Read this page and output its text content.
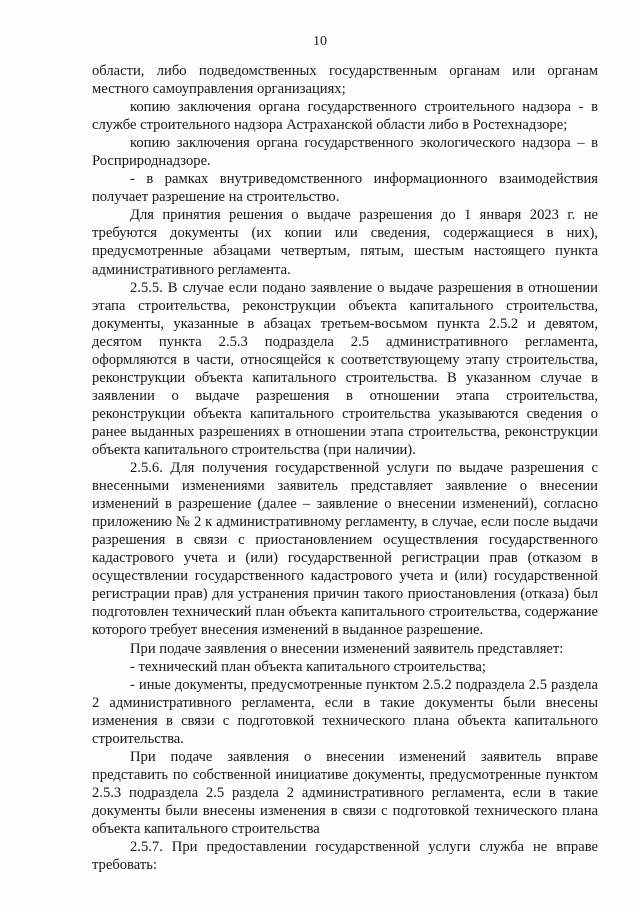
10

области, либо подведомственных государственным органам или органам местного самоуправления организациях;

копию заключения органа государственного строительного надзора - в службе строительного надзора Астраханской области либо в Ростехнадзоре;

копию заключения органа государственного экологического надзора – в Росприроднадзоре.

- в рамках внутриведомственного информационного взаимодействия получает разрешение на строительство.

Для принятия решения о выдаче разрешения до 1 января 2023 г. не требуются документы (их копии или сведения, содержащиеся в них), предусмотренные абзацами четвертым, пятым, шестым настоящего пункта административного регламента.

2.5.5. В случае если подано заявление о выдаче разрешения в отношении этапа строительства, реконструкции объекта капитального строительства, документы, указанные в абзацах третьем-восьмом пункта 2.5.2 и девятом, десятом пункта 2.5.3 подраздела 2.5 административного регламента, оформляются в части, относящейся к соответствующему этапу строительства, реконструкции объекта капитального строительства. В указанном случае в заявлении о выдаче разрешения в отношении этапа строительства, реконструкции объекта капитального строительства указываются сведения о ранее выданных разрешениях в отношении этапа строительства, реконструкции объекта капитального строительства (при наличии).

2.5.6. Для получения государственной услуги по выдаче разрешения с внесенными изменениями заявитель представляет заявление о внесении изменений в разрешение (далее – заявление о внесении изменений), согласно приложению № 2 к административному регламенту, в случае, если после выдачи разрешения в связи с приостановлением осуществления государственного кадастрового учета и (или) государственной регистрации прав (отказом в осуществлении государственного кадастрового учета и (или) государственной регистрации прав) для устранения причин такого приостановления (отказа) был подготовлен технический план объекта капитального строительства, содержание которого требует внесения изменений в выданное разрешение.

При подаче заявления о внесении изменений заявитель представляет:

- технический план объекта капитального строительства;

- иные документы, предусмотренные пунктом 2.5.2 подраздела 2.5 раздела 2 административного регламента, если в такие документы были внесены изменения в связи с подготовкой технического плана объекта капитального строительства.

При подаче заявления о внесении изменений заявитель вправе представить по собственной инициативе документы, предусмотренные пунктом 2.5.3 подраздела 2.5 раздела 2 административного регламента, если в такие документы были внесены изменения в связи с подготовкой технического плана объекта капитального строительства

2.5.7. При предоставлении государственной услуги служба не вправе требовать:
